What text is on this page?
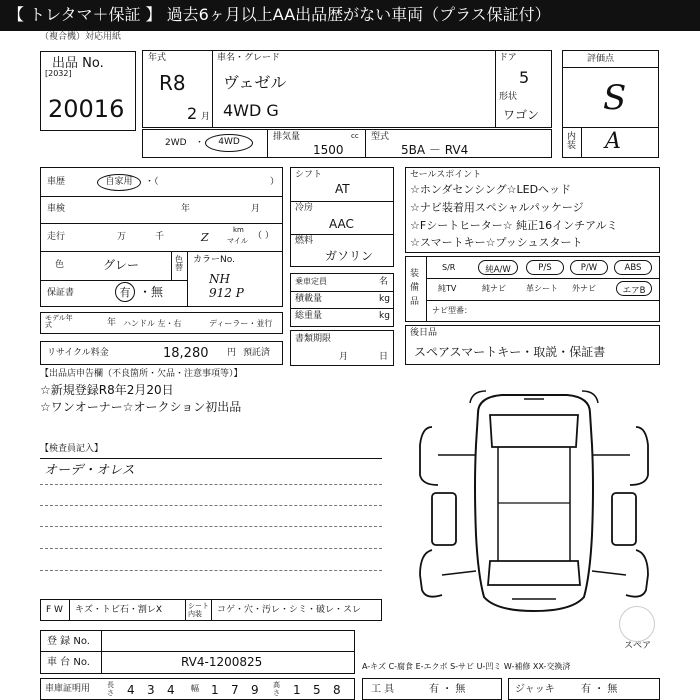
【 トレタマ＋保証 】 過去6ヶ月以上AA出品歴がない車両（プラス保証付）
（複合機）対応用紙
出品 No.
[2032]
20016
年式
R8
2 月
車名・グレード
ヴェゼル
4WD G
ドア
5
形状
ワゴン
評価点
S
内装 A
2WD ・	4WD	排気量	cc
1500
型式
5BA － RV4
車歴	自家用	・（	）
車検	年	月
走行	万	千	Z
km
マイル （ ）
色	グレー	色替
カラーNo.
NH 912 P
保証書	有 ・無
モデル年式	年 ハンドル 左・右	ディーラー・並行
シフト
AT
冷房
AAC
燃料
ガソリン
乗車定員	名
積載量	kg
総重量	kg
書類期限
月	日
リサイクル料金	18,280 円 預託済
セールスポイント
☆ホンダセンシング☆LEDヘッド
☆ナビ装着用スペシャルパッケージ
☆Fシートヒーター☆ 純正16インチアルミ
☆スマートキー☆プッシュスタート
装備品
S/R	純A/W	P/S	P/W	ABS
純TV	純ナビ	革シート 外ナビ	エアB
ナビ型番：
後日品
スペアスマートキー・取説・保証書
【出品店申告欄（不良箇所・欠品・注意事項等）】
☆新規登録R8年2月20日
☆ワンオーナー☆オークション初出品
【検査員記入】
オーデ・オレス
F W キズ・トビ石・割レX	シート内装	コゲ・穴・汚レ・シミ・破レ・スレ
スペア
登 録 No.
車 台 No.	RV4-1200825	A-キズ C-腐食 E-エクボ S-サビ U-凹ミ W-補修 XX-交換済
車庫証明用 長さ 4 3 4 幅 1 7 9 高さ 1 5 8	工 具	有 ・ 無	ジャッキ	有 ・ 無
